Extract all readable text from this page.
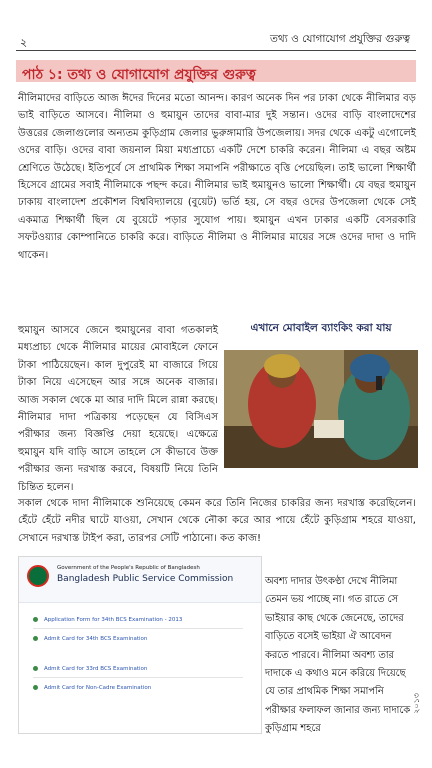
২	তথ্য ও যোগাযোগ প্রযুক্তির গুরুত্ব
পাঠ ১: তথ্য ও যোগাযোগ প্রযুক্তির গুরুত্ব

নীলিমাদের বাড়িতে আজ ঈদের দিনের মতো আনন্দ। কারণ অনেক দিন পর ঢাকা থেকে নীলিমার বড় ভাই বাড়িতে আসবে। নীলিমা ও হুমায়ুন তাদের বাবা-মার দুই সন্তান। ওদের বাড়ি বাংলাদেশের উত্তরের জেলাগুলোর অন্যতম কুড়িগ্রাম জেলার ভুরুঙ্গামারি উপজেলায়। সদর থেকে একটু এগোলেই ওদের বাড়ি। ওদের বাবা জয়নাল মিয়া মধ্যপ্রাচ্যে একটি দেশে চাকরি করেন। নীলিমা এ বছর অষ্টম শ্রেণিতে উঠেছে। ইতিপূর্বে সে প্রাথমিক শিক্ষা সমাপনি পরীক্ষাতে বৃত্তি পেয়েছিল। তাই ভালো শিক্ষার্থী হিসেবে গ্রামের সবাই নীলিমাকে পছন্দ করে। নীলিমার ভাই হুমায়ুনও ভালো শিক্ষার্থী। যে বছর হুমায়ুন ঢাকায় বাংলাদেশ প্রকৌশল বিশ্ববিদ্যালয়ে (বুয়েট) ভর্তি হয়, সে বছর ওদের উপজেলা থেকে সেই একমাত্র শিক্ষার্থী ছিল যে বুয়েটে পড়ার সুযোগ পায়। হুমায়ুন এখন ঢাকার একটি বেসরকারি সফটওয়্যার কোম্পানিতে চাকরি করে। বাড়িতে নীলিমা ও নীলিমার মায়ের সঙ্গে ওদের দাদা ও দাদি থাকেন।

হুমায়ুন আসবে জেনে হুমায়ুনের বাবা গতকালই মধ্যপ্রাচ্য থেকে নীলিমার মায়ের মোবাইলে ফোনে টাকা পাঠিয়েছেন। কাল দুপুরেই মা বাজারে গিয়ে টাকা নিয়ে এসেছেন আর সঙ্গে অনেক বাজার। আজ সকাল থেকে মা আর দাদি মিলে রান্না করছে। নীলিমার দাদা পত্রিকায় পড়েছেন যে বিসিএস পরীক্ষার জন্য বিজ্ঞপ্তি দেয়া হয়েছে। এক্ষেত্রে হুমায়ুন যদি বাড়ি আসে তাহলে সে কীভাবে উক্ত পরীক্ষার জন্য দরখাস্ত করবে, বিষয়টি নিয়ে তিনি চিন্তিত হলেন।

এখানে মোবাইল ব্যাংকিং করা যায়

সকাল থেকে দাদা নীলিমাকে শুনিয়েছে কেমন করে তিনি নিজের চাকরির জন্য দরখাস্ত করেছিলেন। হেঁটে হেঁটে নদীর ঘাটে যাওয়া, সেখান থেকে নৌকা করে আর পায়ে হেঁটে কুড়িগ্রাম শহরে যাওয়া, সেখানে দরখাস্ত টাইপ করা, তারপর সেটি পাঠানো। কত কাজ!

Government of the People's Republic of Bangladesh
Bangladesh Public Service Commission
Application Form for 34th BCS Examination - 2013
Admit Card for 34th BCS Examination
Admit Card for 33rd BCS Examination
Admit Card for Non-Cadre Examination

অবশ্য দাদার উৎকণ্ঠা দেখে নীলিমা তেমন ভয় পাচ্ছে না। গত রাতে সে ভাইয়ার কাছ থেকে জেনেছে, তাদের বাড়িতে বসেই ভাইয়া ঐ আবেদন করতে পারবে। নীলিমা অবশ্য তার দাদাকে এ কথাও মনে করিয়ে দিয়েছে যে তার প্রাথমিক শিক্ষা সমাপনি পরীক্ষার ফলাফল জানার জন্য দাদাকে কুড়িগ্রাম শহরে

২০১৩
